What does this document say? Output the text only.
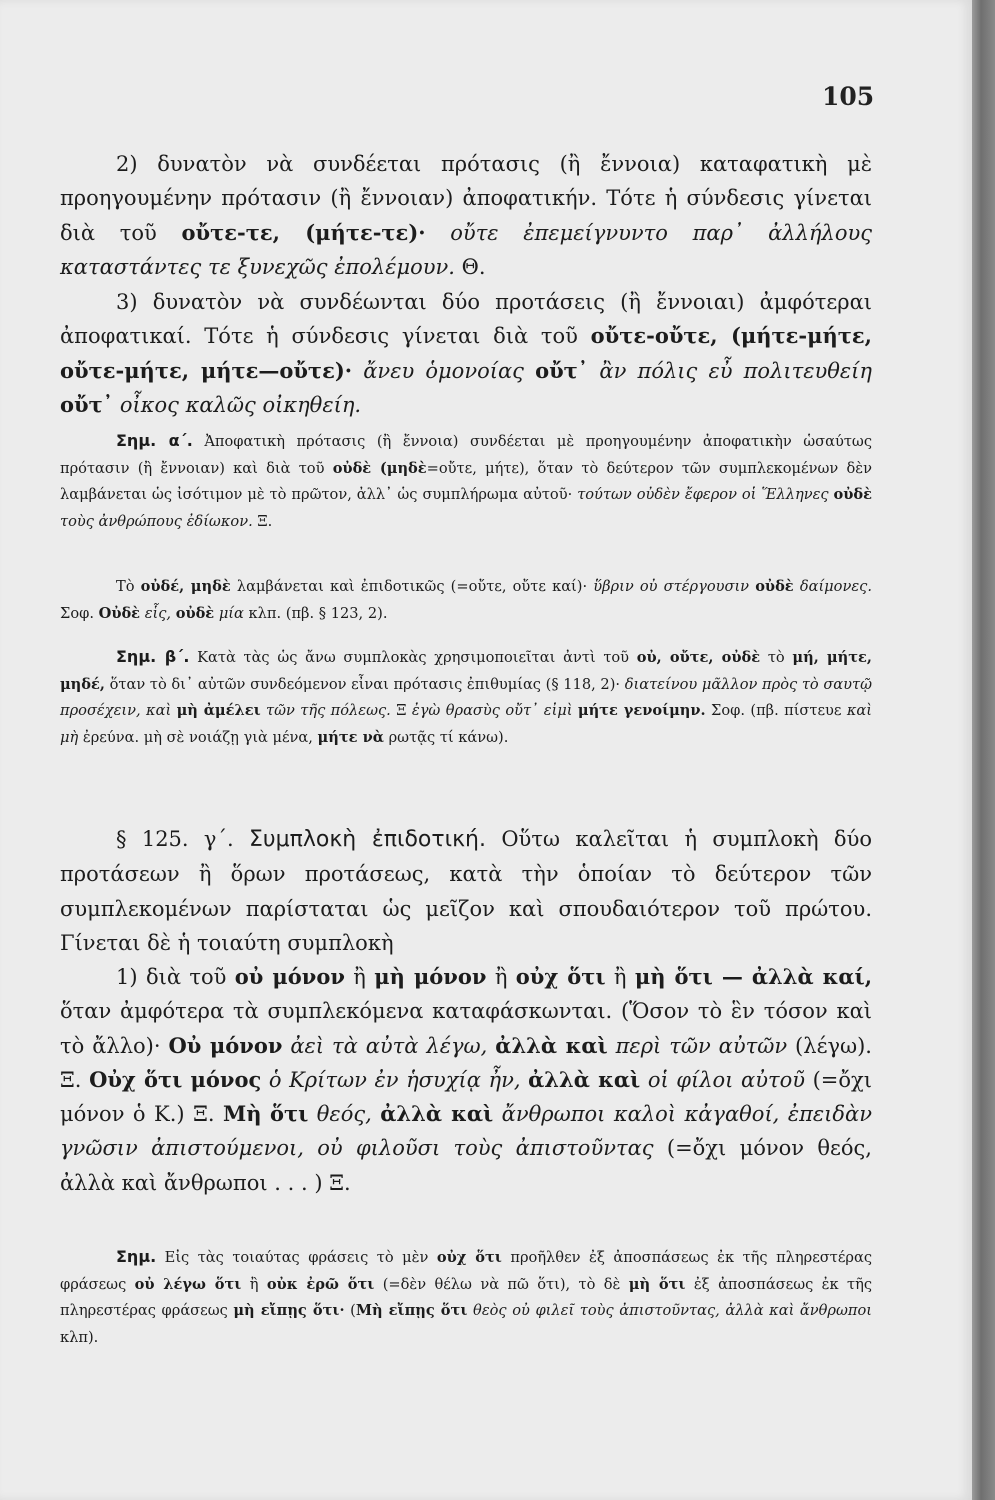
105

2) δυνατὸν νὰ συνδέεται πρότασις (ἢ ἔννοια) καταφατικὴ μὲ προηγουμένην πρότασιν (ἢ ἔννοιαν) ἀποφατικήν. Τότε ἡ σύνδεσις γίνεται διὰ τοῦ οὔτε-τε, (μήτε-τε)· οὔτε ἐπεμείγνυντο παρ᾽ ἀλλήλους καταστάντες τε ξυνεχῶς ἐπολέμουν. Θ.

3) δυνατὸν νὰ συνδέωνται δύο προτάσεις (ἢ ἔννοιαι) ἀμφότεραι ἀποφατικαί. Τότε ἡ σύνδεσις γίνεται διὰ τοῦ οὔτε-οὔτε, (μήτε-μήτε, οὔτε-μήτε, μήτε—οὔτε)· ἄνευ ὁμονοίας οὔτ᾽ ἂν πόλις εὖ πολιτευθείη οὔτ᾽ οἶκος καλῶς οἰκηθείη.

Σημ. α΄. Ἀποφατικὴ πρότασις (ἢ ἔννοια) συνδέεται μὲ προηγουμένην ἀποφατικὴν ὡσαύτως πρότασιν (ἢ ἔννοιαν) καὶ διὰ τοῦ οὐδὲ (μηδὲ=οὔτε, μήτε), ὅταν τὸ δεύτερον τῶν συμπλεκομένων δὲν λαμβάνεται ὡς ἰσότιμον μὲ τὸ πρῶτον, ἀλλ᾽ ὡς συμπλήρωμα αὐτοῦ· τούτων οὐδὲν ἔφερον οἱ Ἕλληνες οὐδὲ τοὺς ἀνθρώπους ἐδίωκον. Ξ.

Τὸ οὐδέ, μηδὲ λαμβάνεται καὶ ἐπιδοτικῶς (=οὔτε, οὔτε καί)· ὕβριν οὐ στέργουσιν οὐδὲ δαίμονες. Σοφ. Οὐδὲ εἷς, οὐδὲ μία κλπ. (πβ. § 123, 2).

Σημ. β΄. Κατὰ τὰς ὡς ἄνω συμπλοκὰς χρησιμοποιεῖται ἀντὶ τοῦ οὐ, οὔτε, οὐδὲ τὸ μή, μήτε, μηδέ, ὅταν τὸ δι᾽ αὐτῶν συνδεόμενον εἶναι πρότασις ἐπιθυμίας (§ 118, 2)· διατείνου μᾶλλον πρὸς τὸ σαυτῷ προσέχειν, καὶ μὴ ἀμέλει τῶν τῆς πόλεως. Ξ ἐγὼ θρασὺς οὔτ᾽ εἰμὶ μήτε γενοίμην. Σοφ. (πβ. πίστευε καὶ μὴ ἐρεύνα. μὴ σὲ νοιάζῃ γιὰ μένα, μήτε νὰ ρωτᾷς τί κάνω).

§ 125. γ΄. Συμπλοκὴ ἐπιδοτική. Οὕτω καλεῖται ἡ συμπλοκὴ δύο προτάσεων ἢ ὅρων προτάσεως, κατὰ τὴν ὁποίαν τὸ δεύτερον τῶν συμπλεκομένων παρίσταται ὡς μεῖζον καὶ σπουδαιότερον τοῦ πρώτου. Γίνεται δὲ ἡ τοιαύτη συμπλοκὴ

1) διὰ τοῦ οὐ μόνον ἢ μὴ μόνον ἢ οὐχ ὅτι ἢ μὴ ὅτι — ἀλλὰ καί, ὅταν ἀμφότερα τὰ συμπλεκόμενα καταφάσκωνται. (Ὅσον τὸ ἓν τόσον καὶ τὸ ἄλλο)· Οὐ μόνον ἀεὶ τὰ αὐτὰ λέγω, ἀλλὰ καὶ περὶ τῶν αὐτῶν (λέγω). Ξ. Οὐχ ὅτι μόνος ὁ Κρίτων ἐν ἡσυχίᾳ ἦν, ἀλλὰ καὶ οἱ φίλοι αὐτοῦ (=ὄχι μόνον ὁ Κ.) Ξ. Μὴ ὅτι θεός, ἀλλὰ καὶ ἄνθρωποι καλοὶ κἀγαθοί, ἐπειδὰν γνῶσιν ἀπιστούμενοι, οὐ φιλοῦσι τοὺς ἀπιστοῦντας (=ὄχι μόνον θεός, ἀλλὰ καὶ ἄνθρωποι . . . ) Ξ.

Σημ. Εἰς τὰς τοιαύτας φράσεις τὸ μὲν οὐχ ὅτι προῆλθεν ἐξ ἀποσπάσεως ἐκ τῆς πληρεστέρας φράσεως οὐ λέγω ὅτι ἢ οὐκ ἐρῶ ὅτι (=δὲν θέλω νὰ πῶ ὅτι), τὸ δὲ μὴ ὅτι ἐξ ἀποσπάσεως ἐκ τῆς πληρεστέρας φράσεως μὴ εἴπῃς ὅτι· (Μὴ εἴπῃς ὅτι θεὸς οὐ φιλεῖ τοὺς ἀπιστοῦντας, ἀλλὰ καὶ ἄνθρωποι κλπ).
